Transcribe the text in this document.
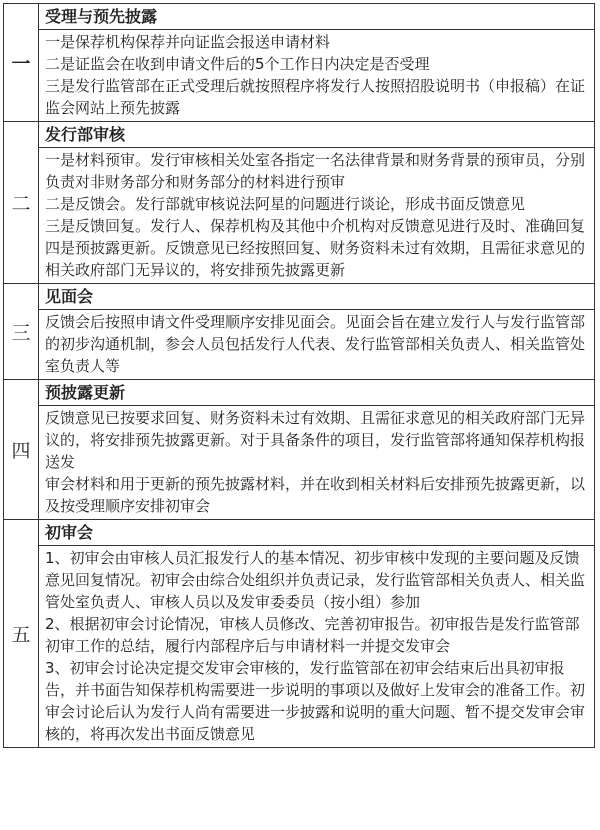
一
受理与预先披露
一是保荐机构保荐并向证监会报送申请材料
二是证监会在收到申请文件后的5个工作日内决定是否受理
三是发行监管部在正式受理后就按照程序将发行人按照招股说明书（申报稿）在证监会网站上预先披露
二
发行部审核
一是材料预审。发行审核相关处室各指定一名法律背景和财务背景的预审员，分别负责对非财务部分和财务部分的材料进行预审
二是反馈会。发行部就审核说法阿星的问题进行谈论，形成书面反馈意见
三是反馈回复。发行人、保荐机构及其他中介机构对反馈意见进行及时、准确回复
四是预披露更新。反馈意见已经按照回复、财务资料未过有效期，且需征求意见的相关政府部门无异议的，将安排预先披露更新
三
见面会
反馈会后按照申请文件受理顺序安排见面会。见面会旨在建立发行人与发行监管部的初步沟通机制，参会人员包括发行人代表、发行监管部相关负责人、相关监管处室负责人等
四
预披露更新
反馈意见已按要求回复、财务资料未过有效期、且需征求意见的相关政府部门无异议的，将安排预先披露更新。对于具备条件的项目，发行监管部将通知保荐机构报送发
审会材料和用于更新的预先披露材料，并在收到相关材料后安排预先披露更新，以及按受理顺序安排初审会
五
初审会
1、初审会由审核人员汇报发行人的基本情况、初步审核中发现的主要问题及反馈意见回复情况。初审会由综合处组织并负责记录，发行监管部相关负责人、相关监管处室负责人、审核人员以及发审委委员（按小组）参加
2、根据初审会讨论情况，审核人员修改、完善初审报告。初审报告是发行监管部初审工作的总结，履行内部程序后与申请材料一并提交发审会
3、初审会讨论决定提交发审会审核的，发行监管部在初审会结束后出具初审报告，并书面告知保荐机构需要进一步说明的事项以及做好上发审会的准备工作。初审会讨论后认为发行人尚有需要进一步披露和说明的重大问题、暂不提交发审会审核的，将再次发出书面反馈意见
